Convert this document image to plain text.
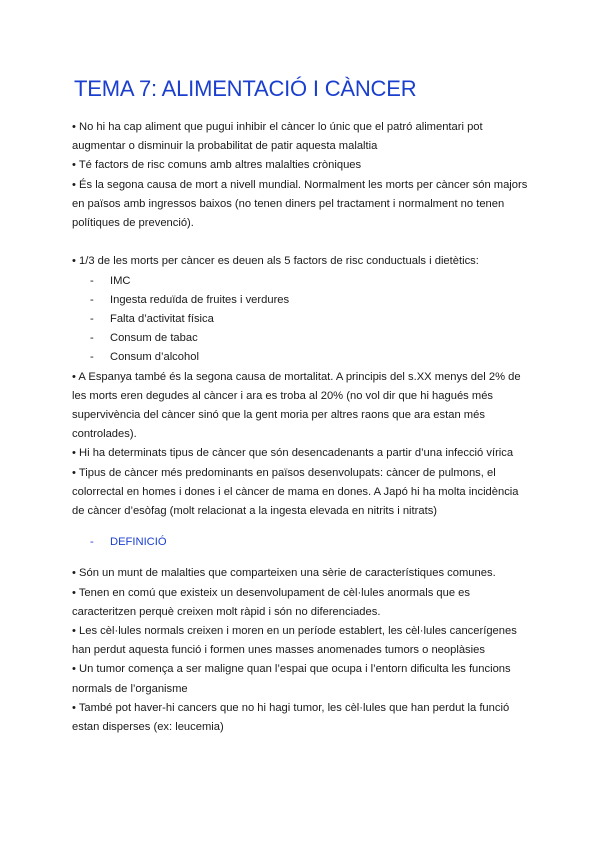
TEMA 7: ALIMENTACIÓ I CÀNCER

• No hi ha cap aliment que pugui inhibir el càncer lo únic que el patró alimentari pot
augmentar o disminuir la probabilitat de patir aquesta malaltia

• Té factors de risc comuns amb altres malalties cròniques

• És la segona causa de mort a nivell mundial. Normalment les morts per càncer són majors
en països amb ingressos baixos (no tenen diners pel tractament i normalment no tenen
polítiques de prevenció).

• 1/3 de les morts per càncer es deuen als 5 factors de risc conductuals i dietètics:

- IMC
- Ingesta reduïda de fruites i verdures
- Falta d’activitat física
- Consum de tabac
- Consum d’alcohol

• A Espanya també és la segona causa de mortalitat. A principis del s.XX menys del 2% de
les morts eren degudes al càncer i ara es troba al 20% (no vol dir que hi hagués més
supervivència del càncer sinó que la gent moria per altres raons que ara estan més
controlades).

• Hi ha determinats tipus de càncer que són desencadenants a partir d’una infecció vírica

• Tipus de càncer més predominants en països desenvolupats: càncer de pulmons, el
colorrectal en homes i dones i el càncer de mama en dones. A Japó hi ha molta incidència
de càncer d’esòfag (molt relacionat a la ingesta elevada en nitrits i nitrats)

- DEFINICIÓ

• Són un munt de malalties que comparteixen una sèrie de característiques comunes.

• Tenen en comú que existeix un desenvolupament de cèl·lules anormals que es
caracteritzen perquè creixen molt ràpid i són no diferenciades.

• Les cèl·lules normals creixen i moren en un període establert, les cèl·lules cancerígenes
han perdut aquesta funció i formen unes masses anomenades tumors o neoplàsies

• Un tumor comença a ser maligne quan l’espai que ocupa i l’entorn dificulta les funcions
normals de l’organisme

• També pot haver-hi cancers que no hi hagi tumor, les cèl·lules que han perdut la funció
estan disperses (ex: leucemia)
